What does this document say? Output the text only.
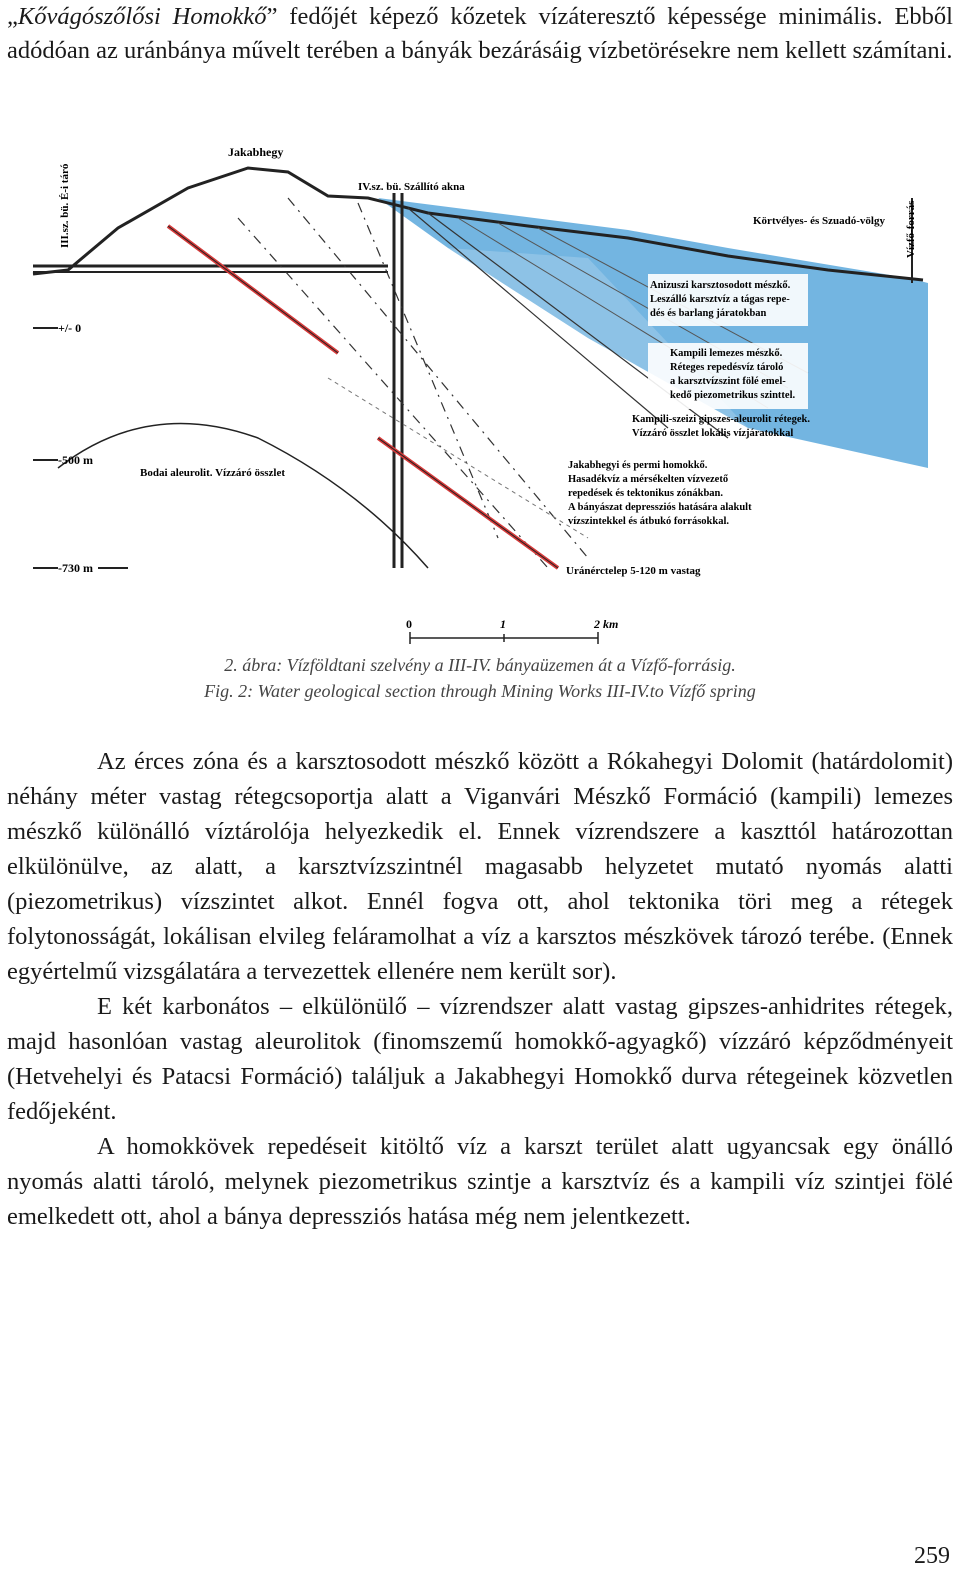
„Kővágószőlősi Homokkő” fedőjét képező kőzetek vízáteresztő képessége minimális. Ebből adódóan az uránbánya művelt terében a bányák bezárásáig vízbetörésekre nem kellett számítani.

Jakabhegy
IV.sz. bü. Szállító akna
III.sz. bü. É-i táró	Körtvélyes- és Szuadó-völgy Vízfő-forrás
+/- 0
-500 m
-730 m
Bodai aleurolit. Vízzáró összlet
Anizuszi karsztosodott mészkő.
Leszálló karsztvíz a tágas repe-
dés és barlang járatokban
Kampili lemezes mészkő.
Réteges repedésvíz tároló
a karsztvízszint fölé emel-
kedő piezometrikus szinttel.
Kampili-szeizi gipszes-aleurolit rétegek.
Vízzáró összlet lokális vízjáratokkal
Jakabhegyi és permi homokkő.
Hasadékvíz a mérsékelten vízvezető
repedések és tektonikus zónákban.
A bányászat depressziós hatására alakult
vízszintekkel és átbukó forrásokkal.
Uránérctelep 5-120 m vastag
0	1	2 km
2. ábra: Vízföldtani szelvény a III-IV. bányaüzemen át a Vízfő-forrásig.
Fig. 2: Water geological section through Mining Works III-IV.to Vízfő spring
Az érces zóna és a karsztosodott mészkő között a Rókahegyi Dolomit (határdolomit) néhány méter vastag rétegcsoportja alatt a Viganvári Mészkő Formáció (kampili) lemezes mészkő különálló víztárolója helyezkedik el. Ennek vízrendszere a kaszttól határozottan elkülönülve, az alatt, a karsztvízszintnél magasabb helyzetet mutató nyomás alatti (piezometrikus) vízszintet alkot. Ennél fogva ott, ahol tektonika töri meg a rétegek folytonosságát, lokálisan elvileg feláramolhat a víz a karsztos mészkövek tározó terébe. (Ennek egyértelmű vizsgálatára a tervezettek ellenére nem került sor).
E két karbonátos – elkülönülő – vízrendszer alatt vastag gipszes-anhidrites rétegek, majd hasonlóan vastag aleurolitok (finomszemű homokkő-agyagkő) vízzáró képződményeit (Hetvehelyi és Patacsi Formáció) találjuk a Jakabhegyi Homokkő durva rétegeinek közvetlen fedőjeként.
A homokkövek repedéseit kitöltő víz a karszt terület alatt ugyancsak egy önálló nyomás alatti tároló, melynek piezometrikus szintje a karsztvíz és a kampili víz szintjei fölé emelkedett ott, ahol a bánya depressziós hatása még nem jelentkezett.
259
